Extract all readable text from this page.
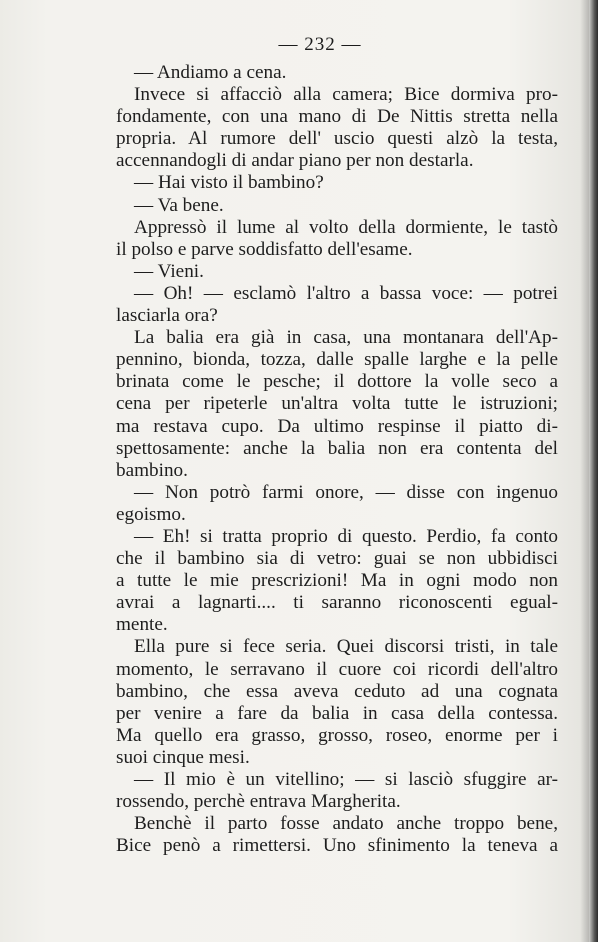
— 232 —
— Andiamo a cena.
Invece si affacciò alla camera; Bice dormiva pro-
fondamente, con una mano di De Nittis stretta nella
propria. Al rumore dell' uscio questi alzò la testa,
accennandogli di andar piano per non destarla.
— Hai visto il bambino?
— Va bene.
Appressò il lume al volto della dormiente, le tastò
il polso e parve soddisfatto dell'esame.
— Vieni.
— Oh! — esclamò l'altro a bassa voce: — potrei
lasciarla ora?
La balia era già in casa, una montanara dell'Ap-
pennino, bionda, tozza, dalle spalle larghe e la pelle
brinata come le pesche; il dottore la volle seco a
cena per ripeterle un'altra volta tutte le istruzioni;
ma restava cupo. Da ultimo respinse il piatto di-
spettosamente: anche la balia non era contenta del
bambino.
— Non potrò farmi onore, — disse con ingenuo
egoismo.
— Eh! si tratta proprio di questo. Perdio, fa conto
che il bambino sia di vetro: guai se non ubbidisci
a tutte le mie prescrizioni! Ma in ogni modo non
avrai a lagnarti.... ti saranno riconoscenti egual-
mente.
Ella pure si fece seria. Quei discorsi tristi, in tale
momento, le serravano il cuore coi ricordi dell'altro
bambino, che essa aveva ceduto ad una cognata
per venire a fare da balia in casa della contessa.
Ma quello era grasso, grosso, roseo, enorme per i
suoi cinque mesi.
— Il mio è un vitellino; — si lasciò sfuggire ar-
rossendo, perchè entrava Margherita.
Benchè il parto fosse andato anche troppo bene,
Bice penò a rimettersi. Uno sfinimento la teneva a
